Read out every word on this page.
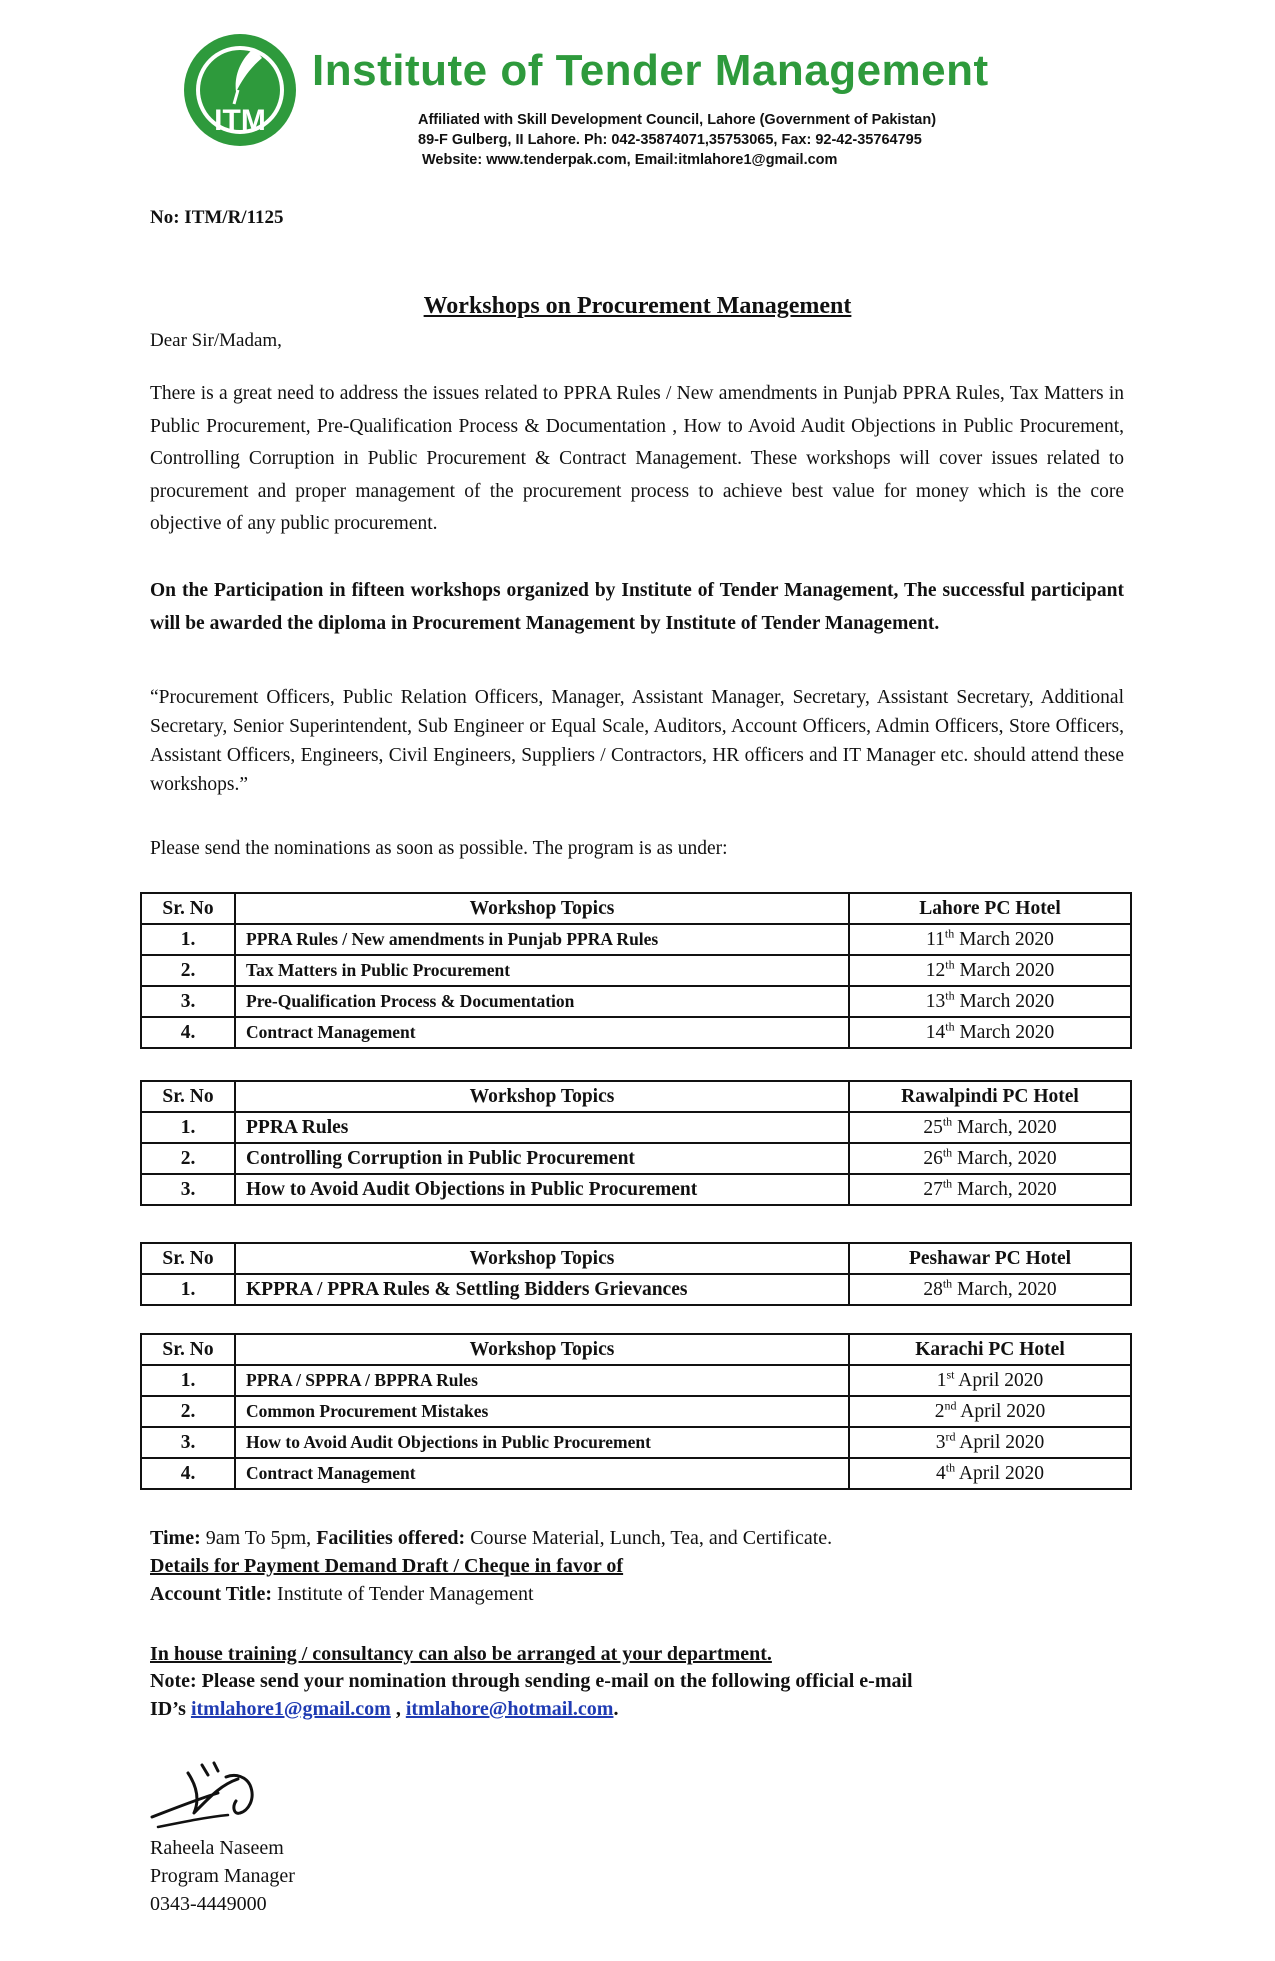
ITM
Institute of Tender Management
Affiliated with Skill Development Council, Lahore (Government of Pakistan)
89-F Gulberg, II Lahore. Ph: 042-35874071,35753065, Fax: 92-42-35764795
Website: www.tenderpak.com, Email:itmlahore1@gmail.com
No: ITM/R/1125
Workshops on Procurement Management
Dear Sir/Madam,
There is a great need to address the issues related to PPRA Rules / New amendments in Punjab PPRA Rules, Tax Matters in Public Procurement, Pre-Qualification Process & Documentation , How to Avoid Audit Objections in Public Procurement, Controlling Corruption in Public Procurement & Contract Management. These workshops will cover issues related to procurement and proper management of the procurement process to achieve best value for money which is the core objective of any public procurement.
On the Participation in fifteen workshops organized by Institute of Tender Management, The successful participant will be awarded the diploma in Procurement Management by Institute of Tender Management.
“Procurement Officers, Public Relation Officers, Manager, Assistant Manager, Secretary, Assistant Secretary, Additional Secretary, Senior Superintendent, Sub Engineer or Equal Scale, Auditors, Account Officers, Admin Officers, Store Officers, Assistant Officers, Engineers, Civil Engineers, Suppliers / Contractors, HR officers and IT Manager etc. should attend these workshops.”
Please send the nominations as soon as possible. The program is as under:
Sr. No	Workshop Topics	Lahore PC Hotel
1.	PPRA Rules / New amendments in Punjab PPRA Rules	11th March 2020
2.	Tax Matters in Public Procurement	12th March 2020
3.	Pre-Qualification Process & Documentation	13th March 2020
4.	Contract Management	14th March 2020
Sr. No	Workshop Topics	Rawalpindi PC Hotel
1.	PPRA Rules	25th March, 2020
2.	Controlling Corruption in Public Procurement	26th March, 2020
3.	How to Avoid Audit Objections in Public Procurement	27th March, 2020
Sr. No	Workshop Topics	Peshawar PC Hotel
1.	KPPRA / PPRA Rules & Settling Bidders Grievances	28th March, 2020
Sr. No	Workshop Topics	Karachi PC Hotel
1.	PPRA / SPPRA / BPPRA Rules	1st April 2020
2.	Common Procurement Mistakes	2nd April 2020
3.	How to Avoid Audit Objections in Public Procurement	3rd April 2020
4.	Contract Management	4th April 2020
Time: 9am To 5pm, Facilities offered: Course Material, Lunch, Tea, and Certificate.
Details for Payment Demand Draft / Cheque in favor of
Account Title: Institute of Tender Management
In house training / consultancy can also be arranged at your department.
Note: Please send your nomination through sending e-mail on the following official e-mail
ID’s itmlahore1@gmail.com , itmlahore@hotmail.com.
Raheela Naseem
Program Manager
0343-4449000
